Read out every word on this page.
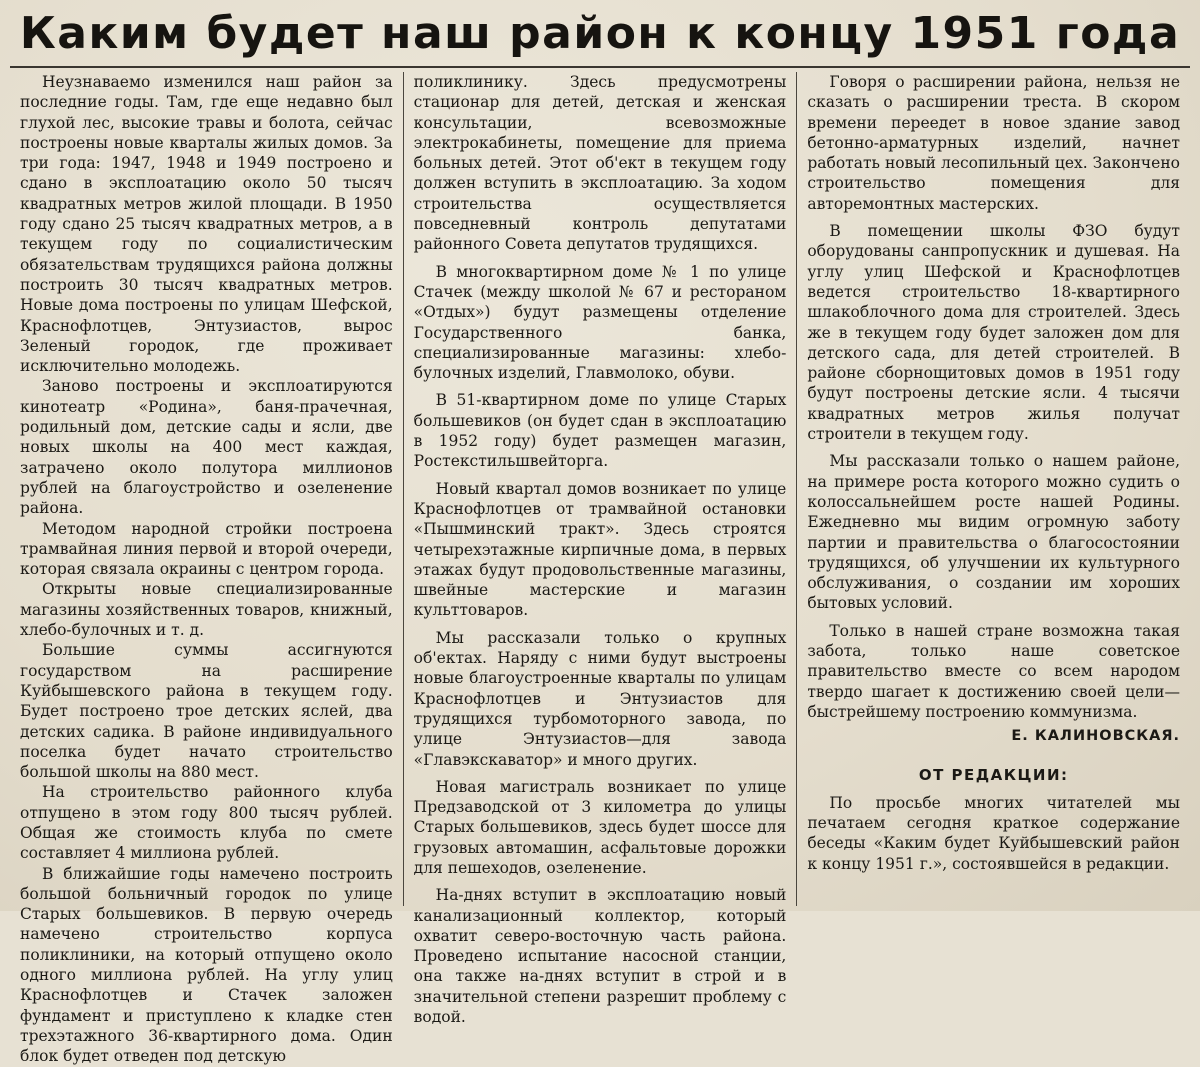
Каким будет наш район к концу 1951 года

Неузнаваемо изменился наш район за последние годы. Там, где еще недавно был глухой лес, высокие травы и болота, сейчас построены новые кварталы жилых домов. За три года: 1947, 1948 и 1949 построено и сдано в эксплоатацию около 50 тысяч квадратных метров жилой площади. В 1950 году сдано 25 тысяч квадратных метров, а в текущем году по социалистическим обязательствам трудящихся района должны построить 30 тысяч квадратных метров. Новые дома построены по улицам Шефской, Краснофлотцев, Энтузиастов, вырос Зеленый городок, где проживает исключительно молодежь.

Заново построены и эксплоатируются кинотеатр «Родина», баня-прачечная, родильный дом, детские сады и ясли, две новых школы на 400 мест каждая, затрачено около полутора миллионов рублей на благоустройство и озеленение района.

Методом народной стройки построена трамвайная линия первой и второй очереди, которая связала окраины с центром города.

Открыты новые специализированные магазины хозяйственных товаров, книжный, хлебо-булочных и т. д.

Большие суммы ассигнуются государством на расширение Куйбышевского района в текущем году. Будет построено трое детских яслей, два детских садика. В районе индивидуального поселка будет начато строительство большой школы на 880 мест.

На строительство районного клуба отпущено в этом году 800 тысяч рублей. Общая же стоимость клуба по смете составляет 4 миллиона рублей.

В ближайшие годы намечено построить большой больничный городок по улице Старых большевиков. В первую очередь намечено строительство корпуса поликлиники, на который отпущено около одного миллиона рублей. На углу улиц Краснофлотцев и Стачек заложен фундамент и приступлено к кладке стен трехэтажного 36-квартирного дома. Один блок будет отведен под детскую

поликлинику. Здесь предусмотрены стационар для детей, детская и женская консультации, всевозможные электрокабинеты, помещение для приема больных детей. Этот об'ект в текущем году должен вступить в эксплоатацию. За ходом строительства осуществляется повседневный контроль депутатами районного Совета депутатов трудящихся.

В многоквартирном доме № 1 по улице Стачек (между школой № 67 и рестораном «Отдых») будут размещены отделение Государственного банка, специализированные магазины: хлебо-булочных изделий, Главмолоко, обуви.

В 51-квартирном доме по улице Старых большевиков (он будет сдан в эксплоатацию в 1952 году) будет размещен магазин, Ростекстильшвейторга.

Новый квартал домов возникает по улице Краснофлотцев от трамвайной остановки «Пышминский тракт». Здесь строятся четырехэтажные кирпичные дома, в первых этажах будут продовольственные магазины, швейные мастерские и магазин культтоваров.

Мы рассказали только о крупных об'ектах. Наряду с ними будут выстроены новые благоустроенные кварталы по улицам Краснофлотцев и Энтузиастов для трудящихся турбомоторного завода, по улице Энтузиастов—для завода «Главэкскаватор» и много других.

Новая магистраль возникает по улице Предзаводской от 3 километра до улицы Старых большевиков, здесь будет шоссе для грузовых автомашин, асфальтовые дорожки для пешеходов, озеленение.

На-днях вступит в эксплоатацию новый канализационный коллектор, который охватит северо-восточную часть района. Проведено испытание насосной станции, она также на-днях вступит в строй и в значительной степени разрешит проблему с водой.

Говоря о расширении района, нельзя не сказать о расширении треста. В скором времени переедет в новое здание завод бетонно-арматурных изделий, начнет работать новый лесопильный цех. Закончено строительство помещения для авторемонтных мастерских.

В помещении школы ФЗО будут оборудованы санпропускник и душевая. На углу улиц Шефской и Краснофлотцев ведется строительство 18-квартирного шлакоблочного дома для строителей. Здесь же в текущем году будет заложен дом для детского сада, для детей строителей. В районе сборнощитовых домов в 1951 году будут построены детские ясли. 4 тысячи квадратных метров жилья получат строители в текущем году.

Мы рассказали только о нашем районе, на примере роста которого можно судить о колоссальнейшем росте нашей Родины. Ежедневно мы видим огромную заботу партии и правительства о благосостоянии трудящихся, об улучшении их культурного обслуживания, о создании им хороших бытовых условий.

Только в нашей стране возможна такая забота, только наше советское правительство вместе со всем народом твердо шагает к достижению своей цели—быстрейшему построению коммунизма.

Е. КАЛИНОВСКАЯ.
ОТ РЕДАКЦИИ:

По просьбе многих читателей мы печатаем сегодня краткое содержание беседы «Каким будет Куйбышевский район к концу 1951 г.», состоявшейся в редакции.
